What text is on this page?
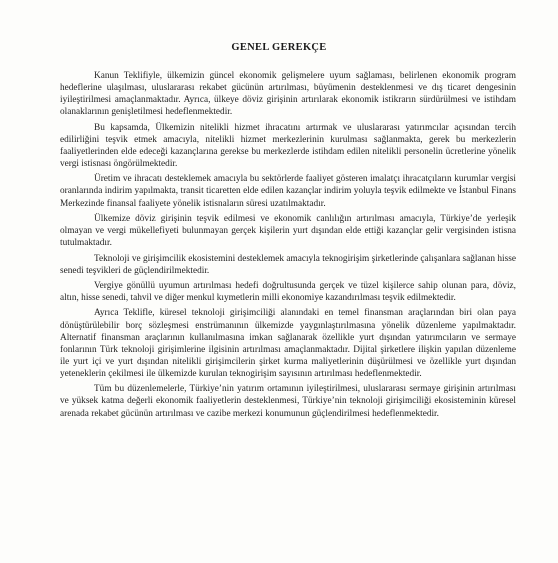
GENEL GEREKÇE

Kanun Teklifiyle, ülkemizin güncel ekonomik gelişmelere uyum sağlaması, belirlenen ekonomik program hedeflerine ulaşılması, uluslararası rekabet gücünün artırılması, büyümenin desteklenmesi ve dış ticaret dengesinin iyileştirilmesi amaçlanmaktadır. Ayrıca, ülkeye döviz girişinin artırılarak ekonomik istikrarın sürdürülmesi ve istihdam olanaklarının genişletilmesi hedeflenmektedir.

Bu kapsamda, Ülkemizin nitelikli hizmet ihracatını artırmak ve uluslararası yatırımcılar açısından tercih edilirliğini teşvik etmek amacıyla, nitelikli hizmet merkezlerinin kurulması sağlanmakta, gerek bu merkezlerin faaliyetlerinden elde edeceği kazançlarına gerekse bu merkezlerde istihdam edilen nitelikli personelin ücretlerine yönelik vergi istisnası öngörülmektedir.

Üretim ve ihracatı desteklemek amacıyla bu sektörlerde faaliyet gösteren imalatçı ihracatçıların kurumlar vergisi oranlarında indirim yapılmakta, transit ticaretten elde edilen kazançlar indirim yoluyla teşvik edilmekte ve İstanbul Finans Merkezinde finansal faaliyete yönelik istisnaların süresi uzatılmaktadır.

Ülkemize döviz girişinin teşvik edilmesi ve ekonomik canlılığın artırılması amacıyla, Türkiye’de yerleşik olmayan ve vergi mükellefiyeti bulunmayan gerçek kişilerin yurt dışından elde ettiği kazançlar gelir vergisinden istisna tutulmaktadır.

Teknoloji ve girişimcilik ekosistemini desteklemek amacıyla teknogirişim şirketlerinde çalışanlara sağlanan hisse senedi teşvikleri de güçlendirilmektedir.

Vergiye gönüllü uyumun artırılması hedefi doğrultusunda gerçek ve tüzel kişilerce sahip olunan para, döviz, altın, hisse senedi, tahvil ve diğer menkul kıymetlerin milli ekonomiye kazandırılması teşvik edilmektedir.

Ayrıca Teklifle, küresel teknoloji girişimciliği alanındaki en temel finansman araçlarından biri olan paya dönüştürülebilir borç sözleşmesi enstrümanının ülkemizde yaygınlaştırılmasına yönelik düzenleme yapılmaktadır. Alternatif finansman araçlarının kullanılmasına imkan sağlanarak özellikle yurt dışından yatırımcıların ve sermaye fonlarının Türk teknoloji girişimlerine ilgisinin artırılması amaçlanmaktadır. Dijital şirketlere ilişkin yapılan düzenleme ile yurt içi ve yurt dışından nitelikli girişimcilerin şirket kurma maliyetlerinin düşürülmesi ve özellikle yurt dışından yeteneklerin çekilmesi ile ülkemizde kurulan teknogirişim sayısının artırılması hedeflenmektedir.

Tüm bu düzenlemelerle, Türkiye’nin yatırım ortamının iyileştirilmesi, uluslararası sermaye girişinin artırılması ve yüksek katma değerli ekonomik faaliyetlerin desteklenmesi, Türkiye’nin teknoloji girişimciliği ekosisteminin küresel arenada rekabet gücünün artırılması ve cazibe merkezi konumunun güçlendirilmesi hedeflenmektedir.
